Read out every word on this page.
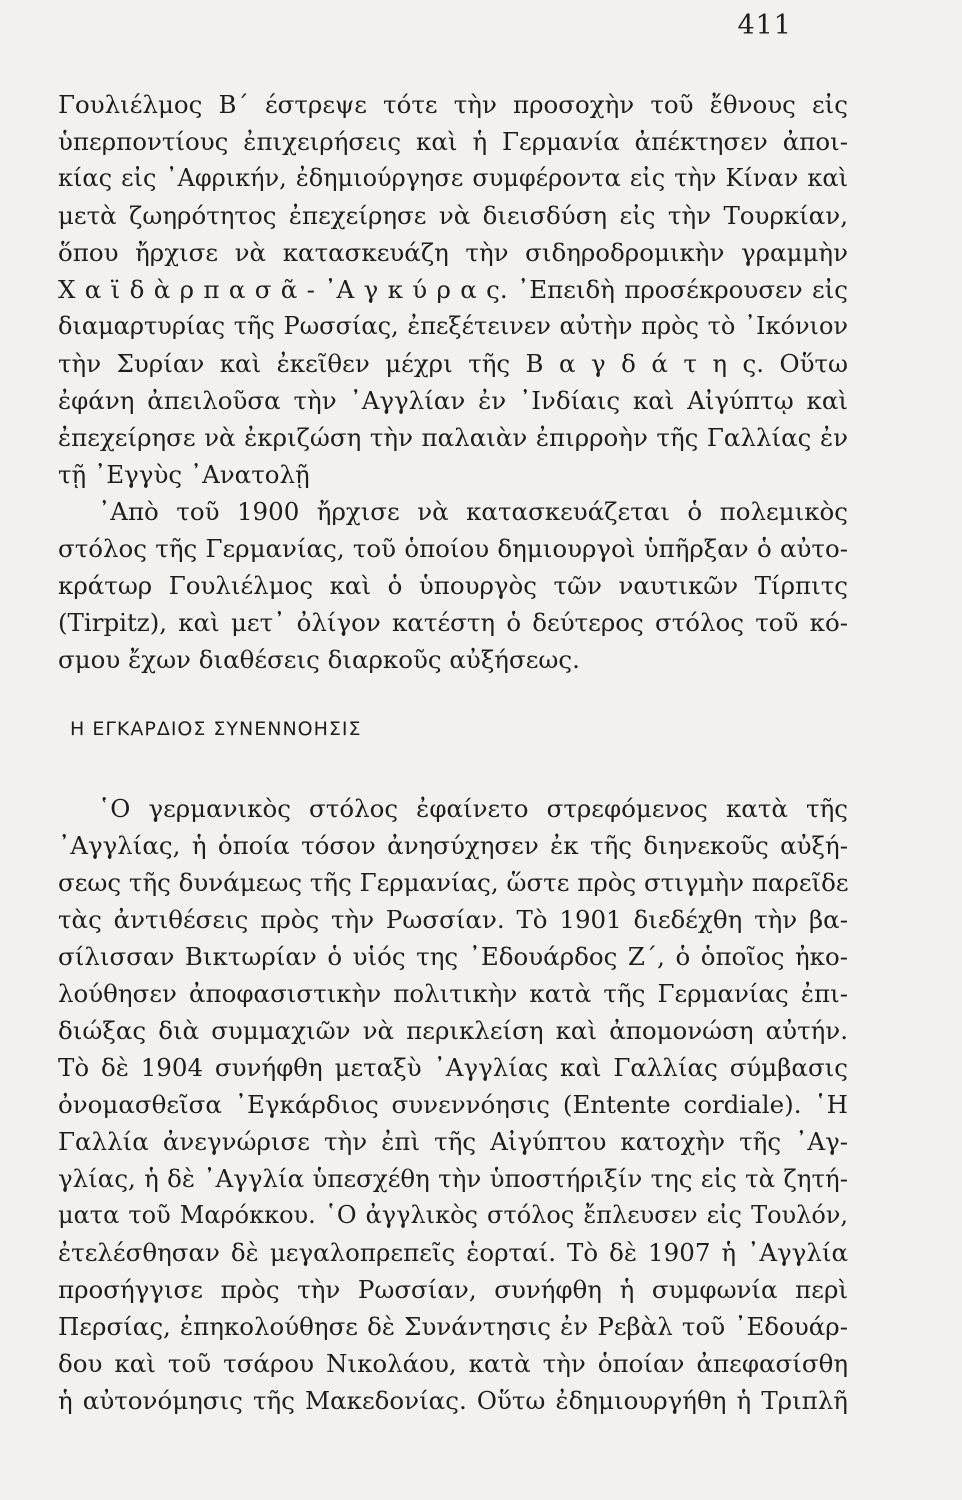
411
Γουλιέλμος Β΄ έστρεψε τότε τὴν προσοχὴν τοῦ ἔθνους εἰς
ὑπερποντίους ἐπιχειρήσεις καὶ ἡ Γερμανία ἀπέκτησεν ἀποι-
κίας εἰς ᾿Αφρικήν, ἐδημιούργησε συμφέροντα εἰς τὴν Κίναν καὶ
μετὰ ζωηρότητος ἐπεχείρησε νὰ διεισδύση εἰς τὴν Τουρκίαν,
ὅπου ἤρχισε νὰ κατασκευάζη τὴν σιδηροδρομικὴν γραμμὴν
Χ α ϊ δ ὰ ρ π α σ ᾶ - ᾿Α γ κ ύ ρ α ς. ᾿Επειδὴ προσέκρουσεν εἰς
διαμαρτυρίας τῆς Ρωσσίας, ἐπεξέτεινεν αὐτὴν πρὸς τὸ ᾿Ικόνιον
τὴν Συρίαν καὶ ἐκεῖθεν μέχρι τῆς Β α γ δ ά τ η ς. Οὕτω
ἐφάνη ἀπειλοῦσα τὴν ᾿Αγγλίαν ἐν ᾿Ινδίαις καὶ Αἰγύπτῳ καὶ
ἐπεχείρησε νὰ ἐκριζώση τὴν παλαιὰν ἐπιρροὴν τῆς Γαλλίας ἐν
τῇ ᾿Εγγὺς ᾿Ανατολῇ
᾿Απὸ τοῦ 1900 ἤρχισε νὰ κατασκευάζεται ὁ πολεμικὸς
στόλος τῆς Γερμανίας, τοῦ ὁποίου δημιουργοὶ ὑπῆρξαν ὁ αὐτο-
κράτωρ Γουλιέλμος καὶ ὁ ὑπουργὸς τῶν ναυτικῶν Τίρπιτς
(Tirpitz), καὶ μετ᾿ ὀλίγον κατέστη ὁ δεύτερος στόλος τοῦ κό-
σμου ἔχων διαθέσεις διαρκοῦς αὐξήσεως.
Η ΕΓΚΑΡΔΙΟΣ ΣΥΝΕΝΝΟΗΣΙΣ
῾Ο γερμανικὸς στόλος ἐφαίνετο στρεφόμενος κατὰ τῆς
᾿Αγγλίας, ἡ ὁποία τόσον ἀνησύχησεν ἐκ τῆς διηνεκοῦς αὐξή-
σεως τῆς δυνάμεως τῆς Γερμανίας, ὥστε πρὸς στιγμὴν παρεῖδε
τὰς ἀντιθέσεις πρὸς τὴν Ρωσσίαν. Τὸ 1901 διεδέχθη τὴν βα-
σίλισσαν Βικτωρίαν ὁ υἱός της ᾿Εδουάρδος Ζ΄, ὁ ὁποῖος ἠκο-
λούθησεν ἀποφασιστικὴν πολιτικὴν κατὰ τῆς Γερμανίας ἐπι-
διώξας διὰ συμμαχιῶν νὰ περικλείση καὶ ἀπομονώση αὐτήν.
Τὸ δὲ 1904 συνήφθη μεταξὺ ᾿Αγγλίας καὶ Γαλλίας σύμβασις
ὀνομασθεῖσα ᾿Εγκάρδιος συνεννόησις (Entente cordiale). ῾Η
Γαλλία ἀνεγνώρισε τὴν ἐπὶ τῆς Αἰγύπτου κατοχὴν τῆς ᾿Αγ-
γλίας, ἡ δὲ ᾿Αγγλία ὑπεσχέθη τὴν ὑποστήριξίν της εἰς τὰ ζητή-
ματα τοῦ Μαρόκκου. ῾Ο ἀγγλικὸς στόλος ἔπλευσεν εἰς Τουλόν,
ἐτελέσθησαν δὲ μεγαλοπρεπεῖς ἑορταί. Τὸ δὲ 1907 ἡ ᾿Αγγλία
προσήγγισε πρὸς τὴν Ρωσσίαν, συνήφθη ἡ συμφωνία περὶ
Περσίας, ἐπηκολούθησε δὲ Συνάντησις ἐν Ρεβὰλ τοῦ ᾿Εδουάρ-
δου καὶ τοῦ τσάρου Νικολάου, κατὰ τὴν ὁποίαν ἀπεφασίσθη
ἡ αὐτονόμησις τῆς Μακεδονίας. Οὕτω ἐδημιουργήθη ἡ Τριπλῆ
